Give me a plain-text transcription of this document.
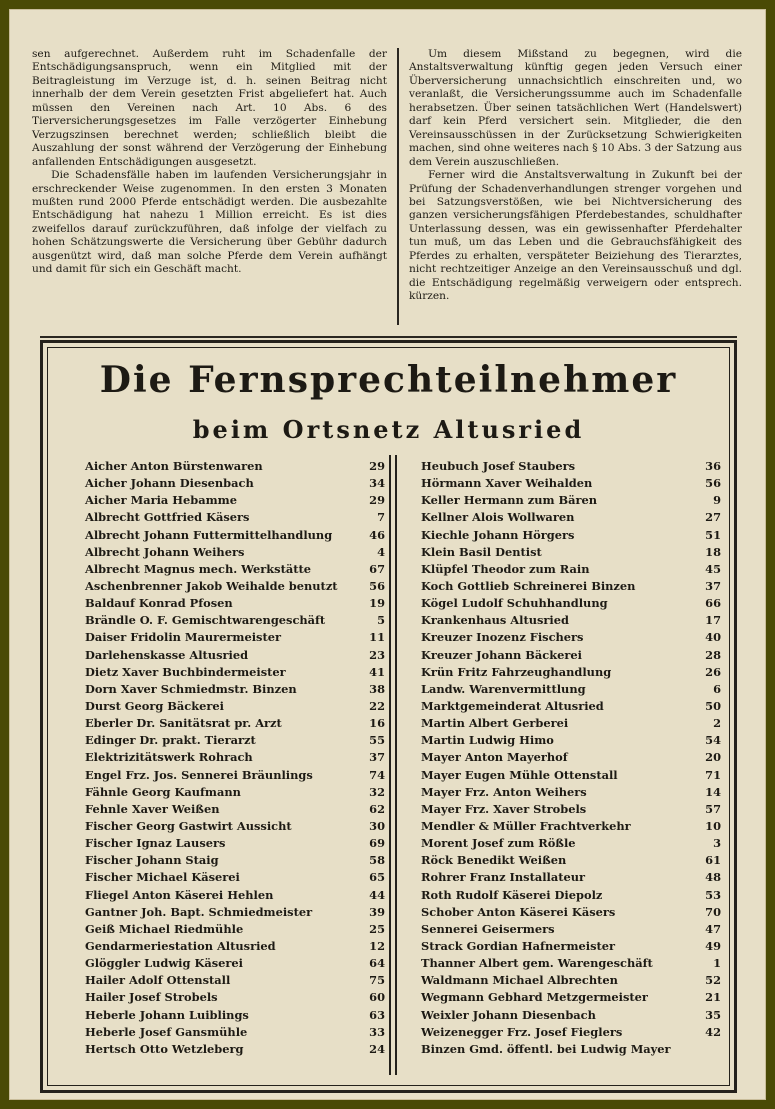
sen aufgerechnet. Außerdem ruht im Schadenfalle der Entschädigungsanspruch, wenn ein Mitglied mit der Beitragleistung im Verzuge ist, d. h. seinen Beitrag nicht innerhalb der dem Verein gesetzten Frist abgeliefert hat. Auch müssen den Vereinen nach Art. 10 Abs. 6 des Tierversicherungsgesetzes im Falle verzögerter Einhebung Verzugszinsen berechnet werden; schließlich bleibt die Auszahlung der sonst während der Verzögerung der Einhebung anfallenden Entschädigungen ausgesetzt.

Die Schadensfälle haben im laufenden Versicherungsjahr in erschreckender Weise zugenommen. In den ersten 3 Monaten mußten rund 2000 Pferde entschädigt werden. Die ausbezahlte Entschädigung hat nahezu 1 Million erreicht. Es ist dies zweifellos darauf zurückzuführen, daß infolge der vielfach zu hohen Schätzungswerte die Versicherung über Gebühr dadurch ausgenützt wird, daß man solche Pferde dem Verein aufhängt und damit für sich ein Geschäft macht.

Um diesem Mißstand zu begegnen, wird die Anstaltsverwaltung künftig gegen jeden Versuch einer Überversicherung unnachsichtlich einschreiten und, wo veranlaßt, die Versicherungssumme auch im Schadenfalle herabsetzen. Über seinen tatsächlichen Wert (Handelswert) darf kein Pferd versichert sein. Mitglieder, die den Vereinsausschüssen in der Zurücksetzung Schwierigkeiten machen, sind ohne weiteres nach § 10 Abs. 3 der Satzung aus dem Verein auszuschließen.

Ferner wird die Anstaltsverwaltung in Zukunft bei der Prüfung der Schadenverhandlungen strenger vorgehen und bei Satzungsverstößen, wie bei Nichtversicherung des ganzen versicherungsfähigen Pferdebestandes, schuldhafter Unterlassung dessen, was ein gewissenhafter Pferdehalter tun muß, um das Leben und die Gebrauchsfähigkeit des Pferdes zu erhalten, verspäteter Beiziehung des Tierarztes, nicht rechtzeitiger Anzeige an den Vereinsausschuß und dgl. die Entschädigung regelmäßig verweigern oder entsprech. kürzen.

Die Fernsprechteilnehmer
beim Ortsnetz Altusried
Aicher Anton Bürstenwaren	29
Aicher Johann Diesenbach	34
Aicher Maria Hebamme	29
Albrecht Gottfried Käsers	7
Albrecht Johann Futtermittelhandlung	46
Albrecht Johann Weihers	4
Albrecht Magnus mech. Werkstätte	67
Aschenbrenner Jakob Weihalde benutzt	56
Baldauf Konrad Pfosen	19
Brändle O. F. Gemischtwarengeschäft	5
Daiser Fridolin Maurermeister	11
Darlehenskasse Altusried	23
Dietz Xaver Buchbindermeister	41
Dorn Xaver Schmiedmstr. Binzen	38
Durst Georg Bäckerei	22
Eberler Dr. Sanitätsrat pr. Arzt	16
Edinger Dr. prakt. Tierarzt	55
Elektrizitätswerk Rohrach	37
Engel Frz. Jos. Sennerei Bräunlings	74
Fähnle Georg Kaufmann	32
Fehnle Xaver Weißen	62
Fischer Georg Gastwirt Aussicht	30
Fischer Ignaz Lausers	69
Fischer Johann Staig	58
Fischer Michael Käserei	65
Fliegel Anton Käserei Hehlen	44
Gantner Joh. Bapt. Schmiedmeister	39
Geiß Michael Riedmühle	25
Gendarmeriestation Altusried	12
Glöggler Ludwig Käserei	64
Hailer Adolf Ottenstall	75
Hailer Josef Strobels	60
Heberle Johann Luiblings	63
Heberle Josef Gansmühle	33
Hertsch Otto Wetzleberg	24
Heubuch Josef Staubers	36
Hörmann Xaver Weihalden	56
Keller Hermann zum Bären	9
Kellner Alois Wollwaren	27
Kiechle Johann Hörgers	51
Klein Basil Dentist	18
Klüpfel Theodor zum Rain	45
Koch Gottlieb Schreinerei Binzen	37
Kögel Ludolf Schuhhandlung	66
Krankenhaus Altusried	17
Kreuzer Inozenz Fischers	40
Kreuzer Johann Bäckerei	28
Krün Fritz Fahrzeughandlung	26
Landw. Warenvermittlung	6
Marktgemeinderat Altusried	50
Martin Albert Gerberei	2
Martin Ludwig Himo	54
Mayer Anton Mayerhof	20
Mayer Eugen Mühle Ottenstall	71
Mayer Frz. Anton Weihers	14
Mayer Frz. Xaver Strobels	57
Mendler & Müller Frachtverkehr	10
Morent Josef zum Rößle	3
Röck Benedikt Weißen	61
Rohrer Franz Installateur	48
Roth Rudolf Käserei Diepolz	53
Schober Anton Käserei Käsers	70
Sennerei Geisermers	47
Strack Gordian Hafnermeister	49
Thanner Albert gem. Warengeschäft	1
Waldmann Michael Albrechten	52
Wegmann Gebhard Metzgermeister	21
Weixler Johann Diesenbach	35
Weizenegger Frz. Josef Fieglers	42
Binzen Gmd. öffentl. bei Ludwig Mayer
